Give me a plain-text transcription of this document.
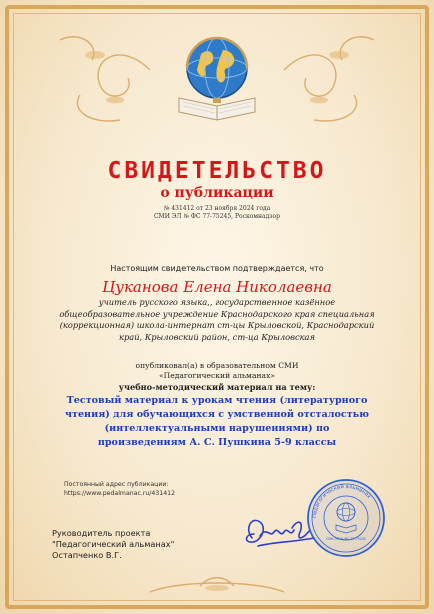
СВИДЕТЕЛЬСТВО
о публикации
№ 431412 от 23 ноября 2024 года
СМИ ЭЛ № ФС 77-75245, Роскомнадзор
Настоящим свидетельством подтверждается, что
Цуканова Елена Николаевна
учитель русского языка,, государственное казённое
общеобразовательное учреждение Краснодарского края специальная
(коррекционная) школа-интернат ст-цы Крыловской, Краснодарский
край, Крыловский район, ст-ца Крыловская
опубликовал(а) в образовательном СМИ
«Педагогический альманах»
учебно-методический материал на тему:
Тестовый материал к урокам чтения (литературного
чтения) для обучающихся с умственной отсталостью
(интеллектуальными нарушениями) по
произведениям А. С. Пушкина 5-9 классы
Постоянный адрес публикации:
https://www.pedalmanac.ru/431412
Руководитель проекта
"Педагогический альманах"
Остапченко В.Г.
Педагогический альманах
СМИ ЭЛ № ФС 77-75245
